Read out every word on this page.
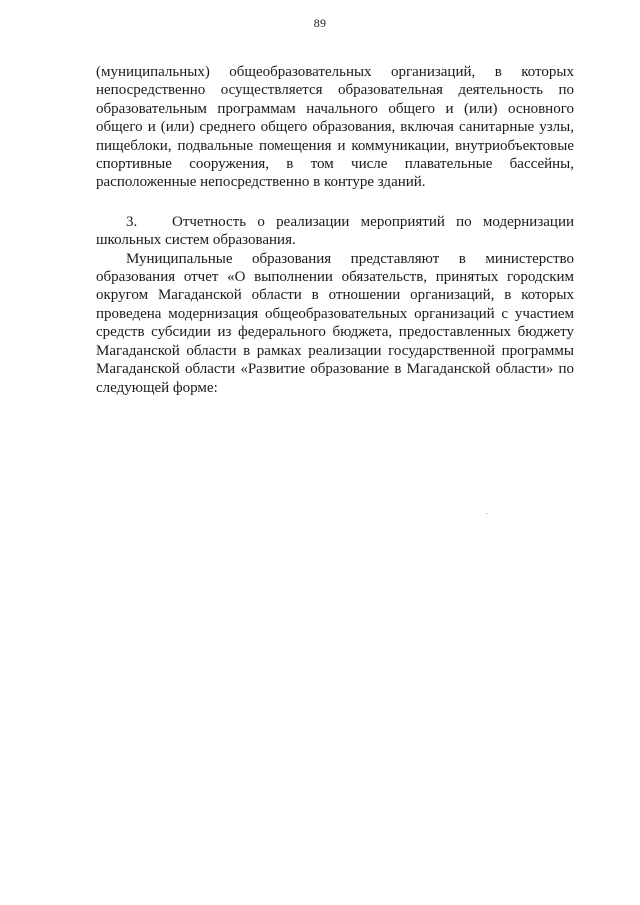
89

(муниципальных) общеобразовательных организаций, в которых непосредственно осуществляется образовательная деятельность по образовательным программам начального общего и (или) основного общего и (или) среднего общего образования, включая санитарные узлы, пищеблоки, подвальные помещения и коммуникации, внутриобъектовые спортивные сооружения, в том числе плавательные бассейны, расположенные непосредственно в контуре зданий.

3. Отчетность о реализации мероприятий по модернизации школьных систем образования.

Муниципальные образования представляют в министерство образования отчет «О выполнении обязательств, принятых городским округом Магаданской области в отношении организаций, в которых проведена модернизация общеобразовательных организаций с участием средств субсидии из федерального бюджета, предоставленных бюджету Магаданской области в рамках реализации государственной программы Магаданской области «Развитие образование в Магаданской области» по следующей форме:
